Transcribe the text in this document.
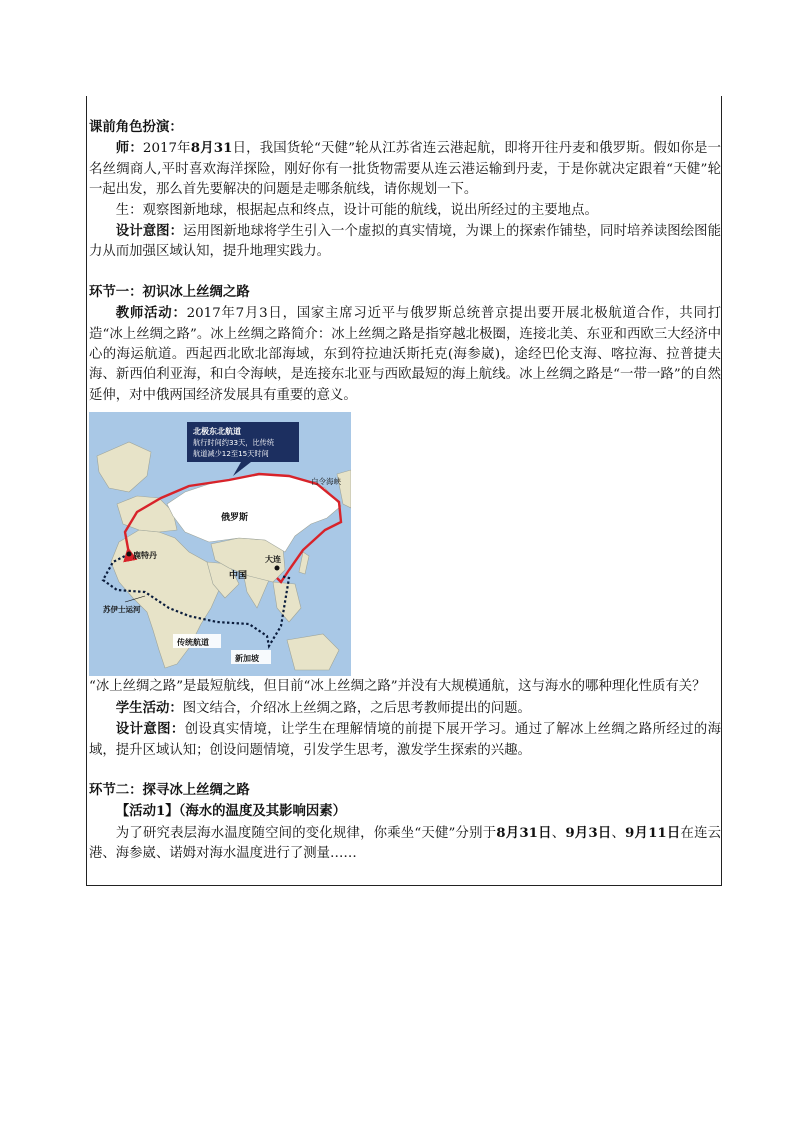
课前角色扮演：

师：2017年8月31日，我国货轮“天健”轮从江苏省连云港起航，即将开往丹麦和俄罗斯。假如你是一名丝绸商人,平时喜欢海洋探险，刚好你有一批货物需要从连云港运输到丹麦，于是你就决定跟着“天健”轮一起出发，那么首先要解决的问题是走哪条航线，请你规划一下。

生：观察图新地球，根据起点和终点，设计可能的航线，说出所经过的主要地点。

设计意图：运用图新地球将学生引入一个虚拟的真实情境，为课上的探索作铺垫，同时培养读图绘图能力从而加强区域认知，提升地理实践力。

环节一：初识冰上丝绸之路

教师活动：2017年7月3日，国家主席习近平与俄罗斯总统普京提出要开展北极航道合作，共同打造“冰上丝绸之路”。冰上丝绸之路简介：冰上丝绸之路是指穿越北极圈，连接北美、东亚和西欧三大经济中心的海运航道。西起西北欧北部海域，东到符拉迪沃斯托克(海参崴)，途经巴伦支海、喀拉海、拉普捷夫海、新西伯利亚海，和白令海峡，是连接东北亚与西欧最短的海上航线。冰上丝绸之路是“一带一路”的自然延伸，对中俄两国经济发展具有重要的意义。

北极东北航道
航行时间约33天，比传统
航道减少12至15天时间
白令海峡
俄罗斯
鹿特丹
中国
大连
苏伊士运河
传统航道
新加坡

“冰上丝绸之路”是最短航线，但目前“冰上丝绸之路”并没有大规模通航，这与海水的哪种理化性质有关？

学生活动：图文结合，介绍冰上丝绸之路，之后思考教师提出的问题。

设计意图：创设真实情境，让学生在理解情境的前提下展开学习。通过了解冰上丝绸之路所经过的海域，提升区域认知；创设问题情境，引发学生思考，激发学生探索的兴趣。

环节二：探寻冰上丝绸之路

【活动1】（海水的温度及其影响因素）

为了研究表层海水温度随空间的变化规律，你乘坐“天健”分别于8月31日、9月3日、9月11日在连云港、海参崴、诺姆对海水温度进行了测量……
